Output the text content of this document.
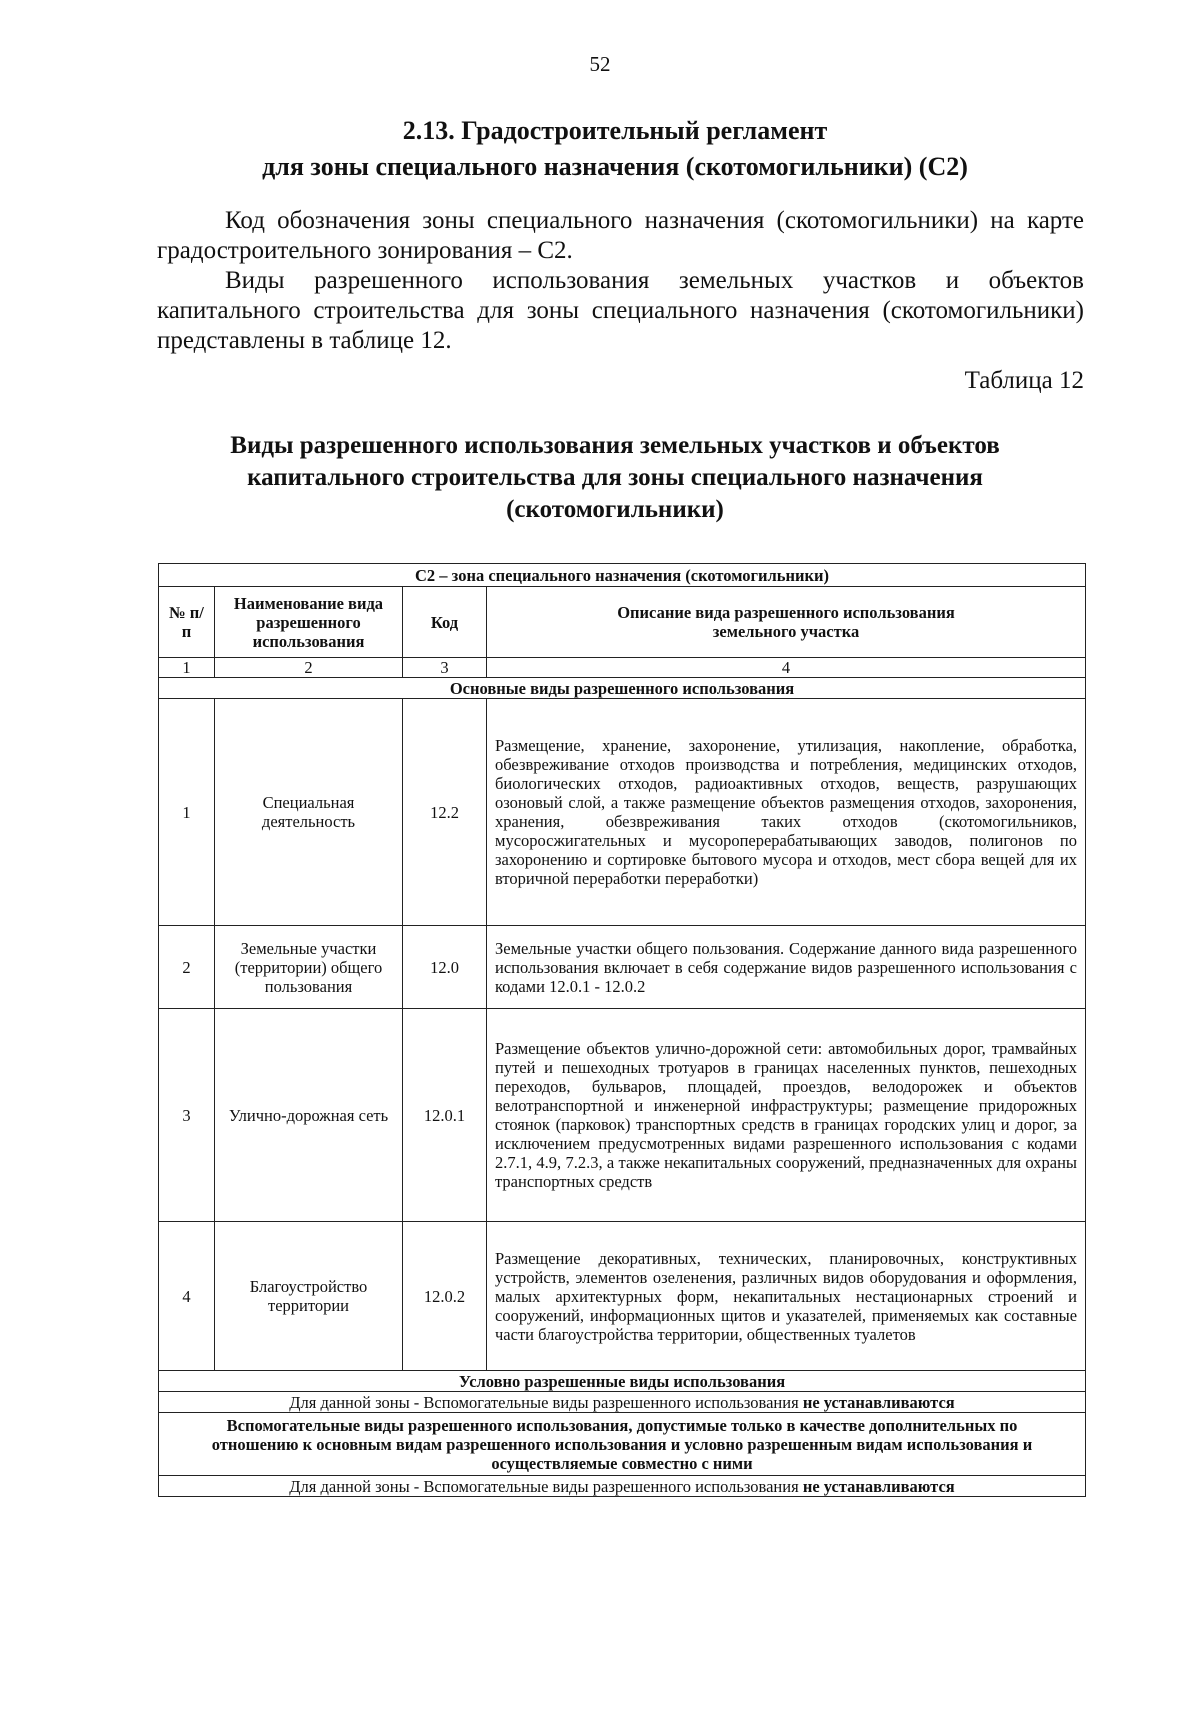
52
2.13. Градостроительный регламент
для зоны специального назначения (скотомогильники) (С2)

Код обозначения зоны специального назначения (скотомогильники) на карте градостроительного зонирования – С2.

Виды разрешенного использования земельных участков и объектов капитального строительства для зоны специального назначения (скотомогильники) представлены в таблице 12.

Таблица 12
Виды разрешенного использования земельных участков и объектов
капитального строительства для зоны специального назначения
(скотомогильники)
С2 – зона специального назначения (скотомогильники)			
№ п/п	Наименование вида разрешенного использования	Код	Описание вида разрешенного использования земельного участка
1	2	3	4
Основные виды разрешенного использования			
1	Специальная деятельность	12.2	Размещение, хранение, захоронение, утилизация, накопление, обработка, обезвреживание отходов производства и потребления, медицинских отходов, биологических отходов, радиоактивных отходов, веществ, разрушающих озоновый слой, а также размещение объектов размещения отходов, захоронения, хранения, обезвреживания таких отходов (скотомогильников, мусоросжигательных и мусороперерабатывающих заводов, полигонов по захоронению и сортировке бытового мусора и отходов, мест сбора вещей для их вторичной переработки переработки)
2	Земельные участки (территории) общего пользования	12.0	Земельные участки общего пользования. Содержание данного вида разрешенного использования включает в себя содержание видов разрешенного использования с кодами 12.0.1 - 12.0.2
3	Улично-дорожная сеть	12.0.1	Размещение объектов улично-дорожной сети: автомобильных дорог, трамвайных путей и пешеходных тротуаров в границах населенных пунктов, пешеходных переходов, бульваров, площадей, проездов, велодорожек и объектов велотранспортной и инженерной инфраструктуры; размещение придорожных стоянок (парковок) транспортных средств в границах городских улиц и дорог, за исключением предусмотренных видами разрешенного использования с кодами 2.7.1, 4.9, 7.2.3, а также некапитальных сооружений, предназначенных для охраны транспортных средств
4	Благоустройство территории	12.0.2	Размещение декоративных, технических, планировочных, конструктивных устройств, элементов озеленения, различных видов оборудования и оформления, малых архитектурных форм, некапитальных нестационарных строений и сооружений, информационных щитов и указателей, применяемых как составные части благоустройства территории, общественных туалетов
Условно разрешенные виды использования			
Для данной зоны - Вспомогательные виды разрешенного использования не устанавливаются			
Вспомогательные виды разрешенного использования, допустимые только в качестве дополнительных по отношению к основным видам разрешенного использования и условно разрешенным видам использования и осуществляемые совместно с ними			
Для данной зоны - Вспомогательные виды разрешенного использования не устанавливаются			
